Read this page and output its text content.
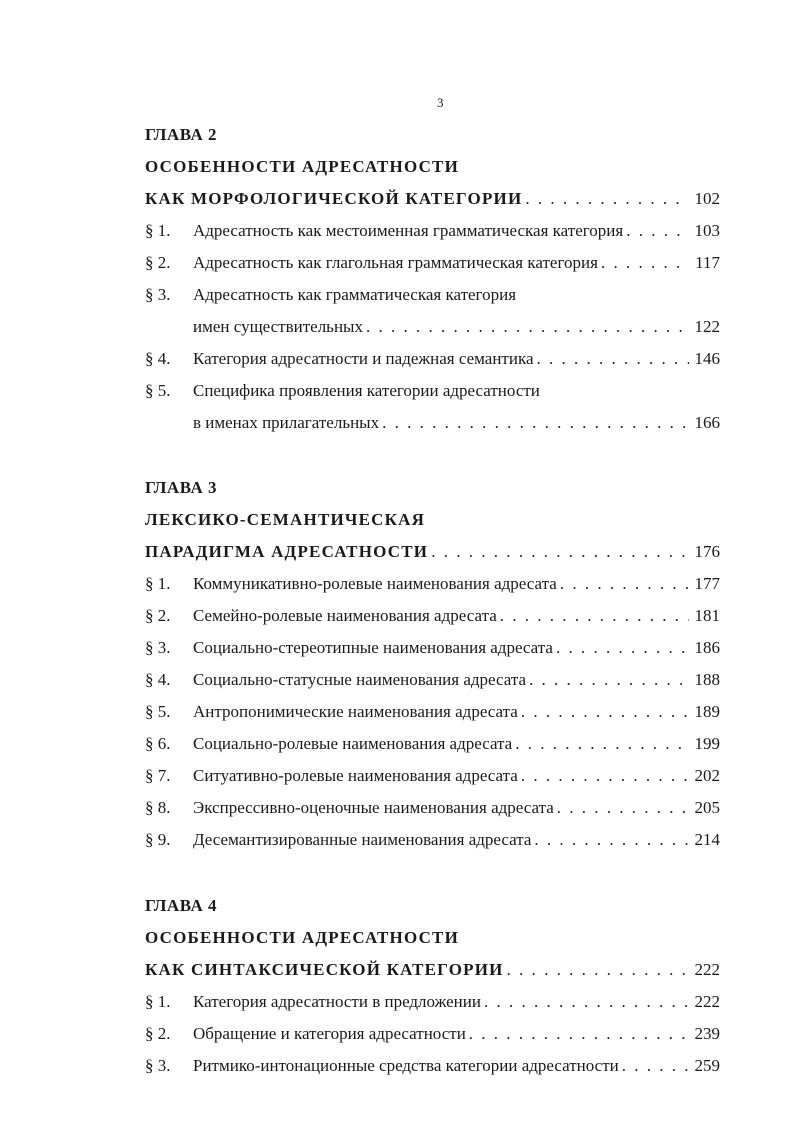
3
ГЛАВА 2
ОСОБЕННОСТИ АДРЕСАТНОСТИ
КАК МОРФОЛОГИЧЕСКОЙ КАТЕГОРИИ . . .	102
§ 1.	Адресатность как местоименная грамматическая категория . . .	103
§ 2.	Адресатность как глагольная грамматическая категория . . .	117
§ 3.	Адресатность как грамматическая категория
имен существительных . . .	122
§ 4.	Категория адресатности и падежная семантика . . .	146
§ 5.	Специфика проявления категории адресатности
в именах прилагательных . . .	166
ГЛАВА 3
ЛЕКСИКО-СЕМАНТИЧЕСКАЯ
ПАРАДИГМА АДРЕСАТНОСТИ . . .	176
§ 1.	Коммуникативно-ролевые наименования адресата . . .	177
§ 2.	Семейно-ролевые наименования адресата . . .	181
§ 3.	Социально-стереотипные наименования адресата . . .	186
§ 4.	Социально-статусные наименования адресата . . .	188
§ 5.	Антропонимические наименования адресата . . .	189
§ 6.	Социально-ролевые наименования адресата . . .	199
§ 7.	Ситуативно-ролевые наименования адресата . . .	202
§ 8.	Экспрессивно-оценочные наименования адресата . . .	205
§ 9.	Десемантизированные наименования адресата . . .	214
ГЛАВА 4
ОСОБЕННОСТИ АДРЕСАТНОСТИ
КАК СИНТАКСИЧЕСКОЙ КАТЕГОРИИ . . .	222
§ 1.	Категория адресатности в предложении . . .	222
§ 2.	Обращение и категория адресатности . . .	239
§ 3.	Ритмико-интонационные средства категории адресатности . . .	259
